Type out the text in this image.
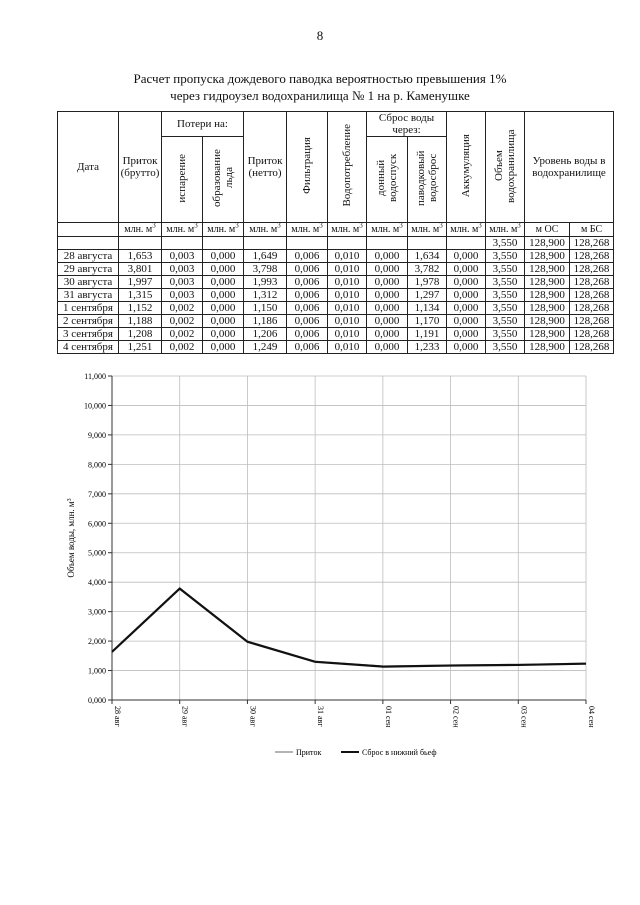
8
Расчет пропуска дождевого паводка вероятностью превышения 1%
через гидроузел водохранилища № 1 на р. Каменушке
Дата	Приток (брутто)	Потери на:		Приток (нетто)	Фильтрация	Водопотребление	Сброс воды через:		Аккумуляция	Объем водохранилища	Уровень воды в водохранилище	
		испарение	образование льда				донный водоспуск	паводковый водосброс				
	млн. $м^3$	млн. $м^3$	млн. $м^3$	млн. $м^3$	млн. $м^3$	млн. $м^3$	млн. $м^3$	млн. $м^3$	млн. $м^3$	млн. $м^3$	м ОС	м БС
										3,550	128,900	128,268
28 августа	1,653	0,003	0,000	1,649	0,006	0,010	0,000	1,634	0,000	3,550	128,900	128,268
29 августа	3,801	0,003	0,000	3,798	0,006	0,010	0,000	3,782	0,000	3,550	128,900	128,268
30 августа	1,997	0,003	0,000	1,993	0,006	0,010	0,000	1,978	0,000	3,550	128,900	128,268
31 августа	1,315	0,003	0,000	1,312	0,006	0,010	0,000	1,297	0,000	3,550	128,900	128,268
1 сентября	1,152	0,002	0,000	1,150	0,006	0,010	0,000	1,134	0,000	3,550	128,900	128,268
2 сентября	1,188	0,002	0,000	1,186	0,006	0,010	0,000	1,170	0,000	3,550	128,900	128,268
3 сентября	1,208	0,002	0,000	1,206	0,006	0,010	0,000	1,191	0,000	3,550	128,900	128,268
4 сентября	1,251	0,002	0,000	1,249	0,006	0,010	0,000	1,233	0,000	3,550	128,900	128,268
0,000
1,000
2,000
3,000
4,000
5,000
6,000
7,000
8,000
9,000
10,000
11,000
28 авг	29 авг	30 авг	31 авг	01 сен	02 сен	03 сен	04 сен
Объем воды, млн. $м^3$
Приток	Сброс в нижний бьеф
